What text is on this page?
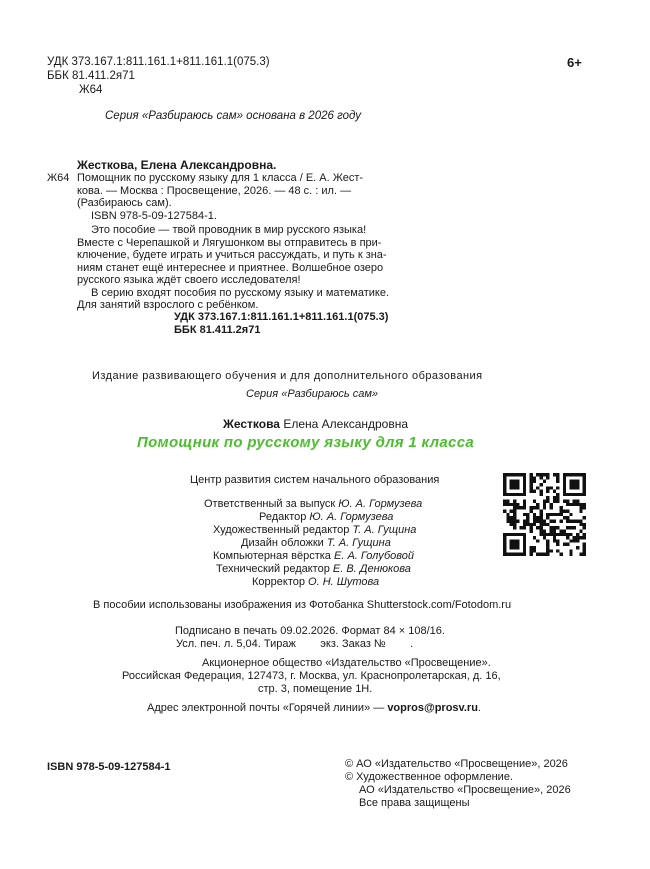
УДК 373.167.1:811.161.1+811.161.1(075.3)
ББК 81.411.2я71
Ж64
6+
Серия «Разбираюсь сам» основана в 2026 году
Жесткова, Елена Александровна.
Ж64 Помощник по русскому языку для 1 класса / Е. А. Жест-
кова. — Москва : Просвещение, 2026. — 48 с. : ил. —
(Разбираюсь сам).
ISBN 978-5-09-127584-1.
Это пособие — твой проводник в мир русского языка!
Вместе с Черепашкой и Лягушонком вы отправитесь в при-
ключение, будете играть и учиться рассуждать, и путь к зна-
ниям станет ещё интереснее и приятнее. Волшебное озеро
русского языка ждёт своего исследователя!
В серию входят пособия по русскому языку и математике.
Для занятий взрослого с ребёнком.
УДК 373.167.1:811.161.1+811.161.1(075.3)
ББК 81.411.2я71
Издание развивающего обучения и для дополнительного образования
Серия «Разбираюсь сам»
Жесткова Елена Александровна
Помощник по русскому языку для 1 класса
Центр развития систем начального образования
Ответственный за выпуск Ю. А. Гормузева
Редактор Ю. А. Гормузева
Художественный редактор Т. А. Гущина
Дизайн обложки Т. А. Гущина
Компьютерная вёрстка Е. А. Голубовой
Технический редактор Е. В. Денюкова
Корректор О. Н. Шутова
В пособии использованы изображения из Фотобанка Shutterstock.com/Fotodom.ru
Подписано в печать 09.02.2026. Формат 84 × 108/16.
Усл. печ. л. 5,04. Тираж        экз. Заказ №        .
Акционерное общество «Издательство «Просвещение».
Российская Федерация, 127473, г. Москва, ул. Краснопролетарская, д. 16,
стр. 3, помещение 1Н.
Адрес электронной почты «Горячей линии» — vopros@prosv.ru.
ISBN 978-5-09-127584-1	© АО «Издательство «Просвещение», 2026
© Художественное оформление.
АО «Издательство «Просвещение», 2026
Все права защищены
